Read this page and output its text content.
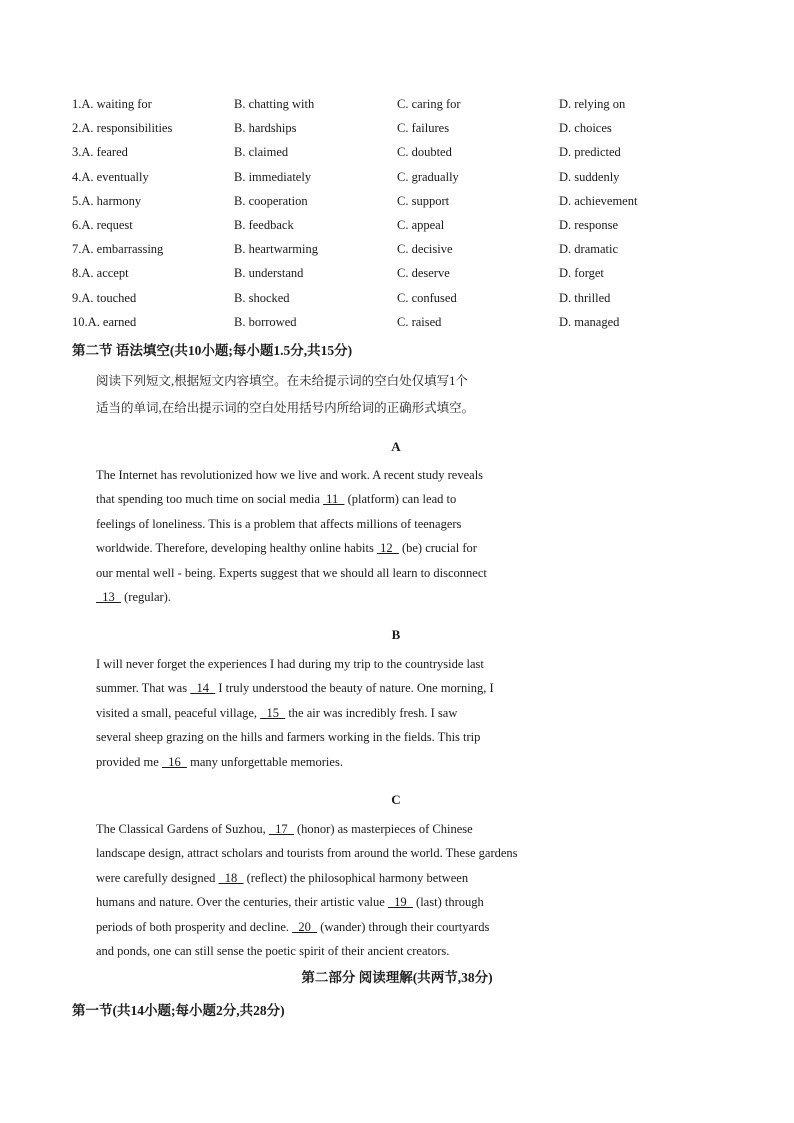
1.A. waiting for	B. chatting with	C. caring for	D. relying on
2.A. responsibilities	B. hardships	C. failures	D. choices
3.A. feared	B. claimed	C. doubted	D. predicted
4.A. eventually	B. immediately	C. gradually	D. suddenly
5.A. harmony	B. cooperation	C. support	D. achievement
6.A. request	B. feedback	C. appeal	D. response
7.A. embarrassing	B. heartwarming	C. decisive	D. dramatic
8.A. accept	B. understand	C. deserve	D. forget
9.A. touched	B. shocked	C. confused	D. thrilled
10.A. earned	B. borrowed	C. raised	D. managed
第二节 语法填空(共10小题;每小题1.5分,共15分)
阅读下列短文,根据短文内容填空。在未给提示词的空白处仅填写1个
适当的单词,在给出提示词的空白处用括号内所给词的正确形式填空。
A
The Internet has revolutionized how we live and work. A recent study reveals
that spending too much time on social media  11   (platform) can lead to
feelings of loneliness. This is a problem that affects millions of teenagers
worldwide. Therefore, developing healthy online habits  12   (be) crucial for
our mental well - being. Experts suggest that we should all learn to disconnect
13   (regular).
B
I will never forget the experiences I had during my trip to the countryside last
summer. That was   14   I truly understood the beauty of nature. One morning, I
visited a small, peaceful village,   15   the air was incredibly fresh. I saw
several sheep grazing on the hills and farmers working in the fields. This trip
provided me   16   many unforgettable memories.
C
The Classical Gardens of Suzhou,   17   (honor) as masterpieces of Chinese
landscape design, attract scholars and tourists from around the world. These gardens
were carefully designed   18   (reflect) the philosophical harmony between
humans and nature. Over the centuries, their artistic value   19   (last) through
periods of both prosperity and decline.   20   (wander) through their courtyards
and ponds, one can still sense the poetic spirit of their ancient creators.
第二部分 阅读理解(共两节,38分)
第一节(共14小题;每小题2分,共28分)
